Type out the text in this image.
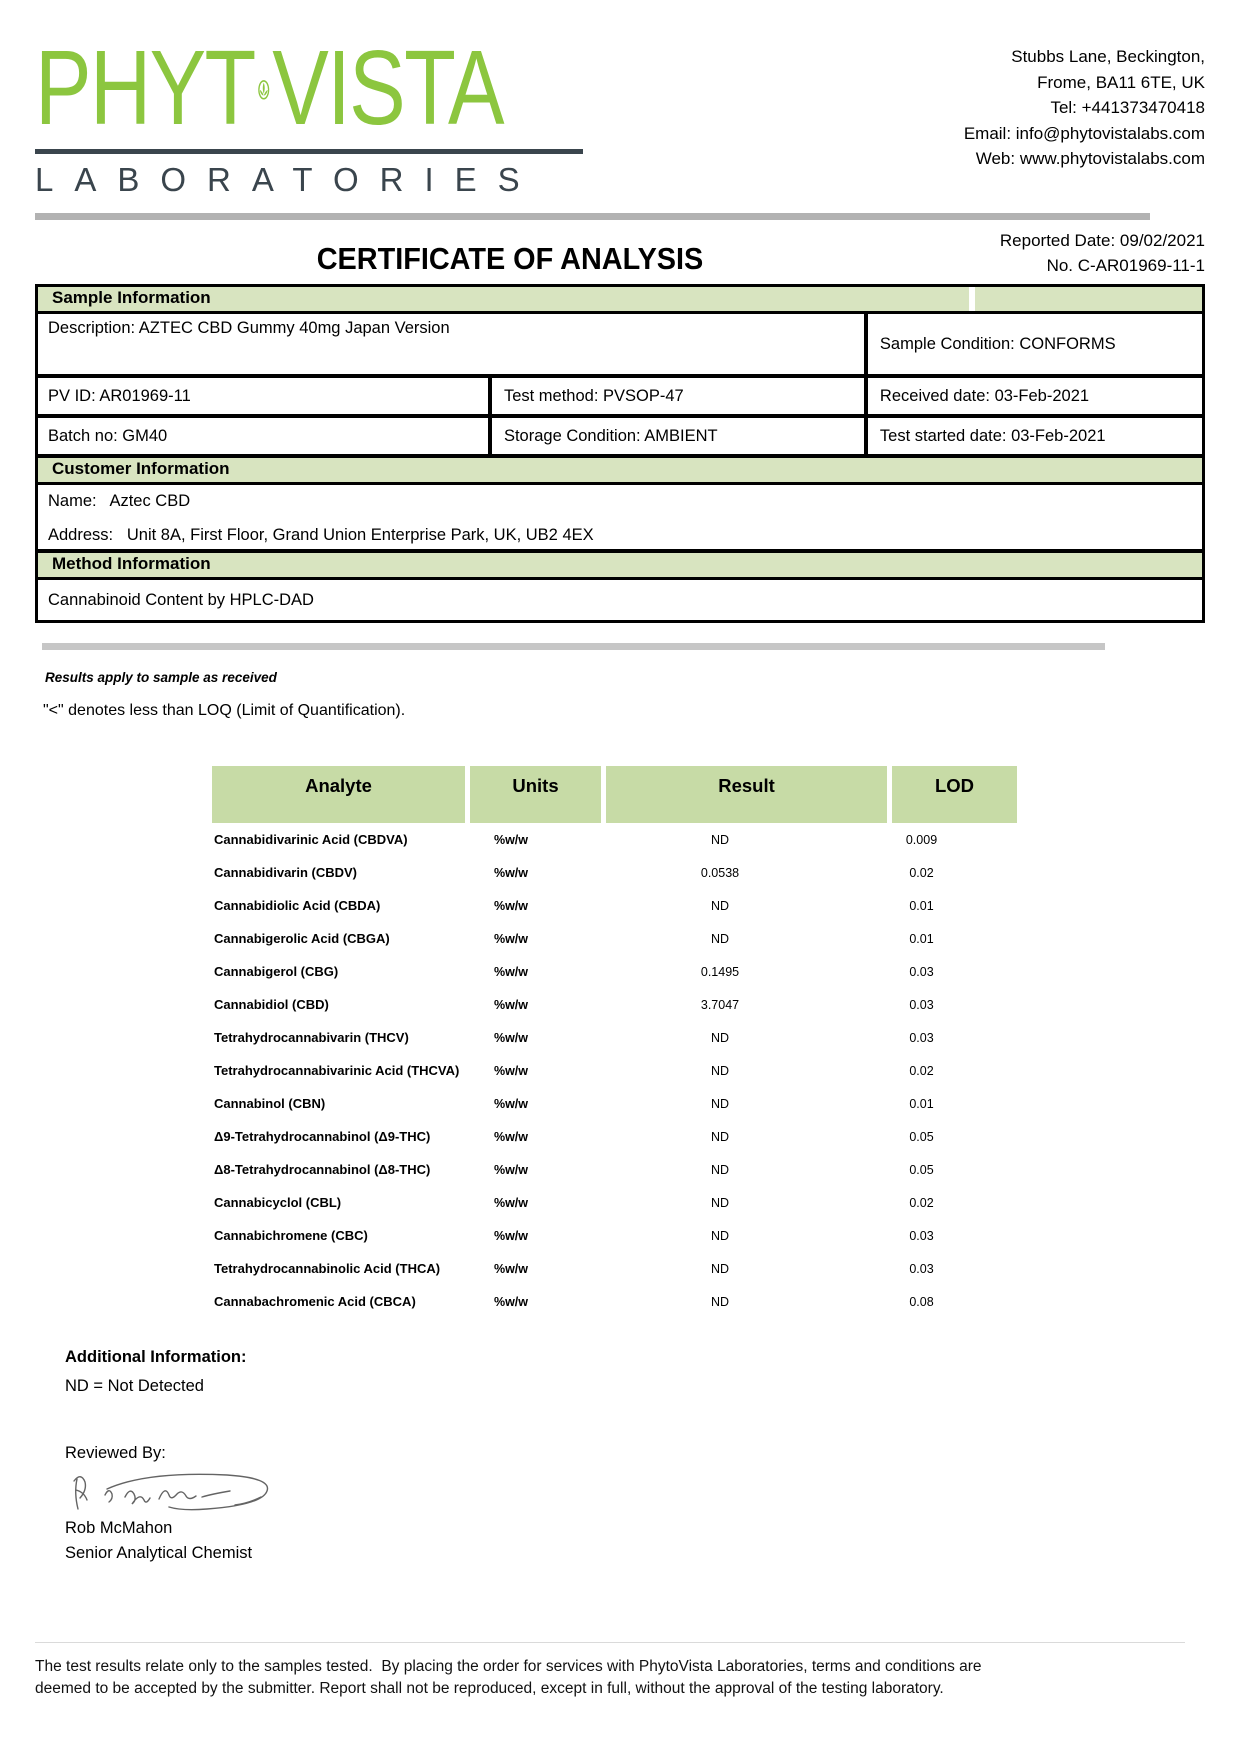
PHYT VISTA
LABORATORIES
Stubbs Lane, Beckington,
Frome, BA11 6TE, UK
Tel: +441373470418
Email: info@phytovistalabs.com
Web: www.phytovistalabs.com
CERTIFICATE OF ANALYSIS
Reported Date: 09/02/2021
No. C-AR01969-11-1
Sample Information
Description: AZTEC CBD Gummy 40mg Japan Version
Sample Condition: CONFORMS
PV ID: AR01969-11	Test method: PVSOP-47	Received date: 03-Feb-2021
Batch no: GM40	Storage Condition: AMBIENT	Test started date: 03-Feb-2021
Customer Information
Name:   Aztec CBD
Address:   Unit 8A, First Floor, Grand Union Enterprise Park, UK, UB2 4EX
Method Information
Cannabinoid Content by HPLC-DAD
Results apply to sample as received
"<" denotes less than LOQ (Limit of Quantification).
Analyte	Units	Result	LOD
Cannabidivarinic Acid (CBDVA)	%w/w	ND	0.009
Cannabidivarin (CBDV)	%w/w	0.0538	0.02
Cannabidiolic Acid (CBDA)	%w/w	ND	0.01
Cannabigerolic Acid (CBGA)	%w/w	ND	0.01
Cannabigerol (CBG)	%w/w	0.1495	0.03
Cannabidiol (CBD)	%w/w	3.7047	0.03
Tetrahydrocannabivarin (THCV)	%w/w	ND	0.03
Tetrahydrocannabivarinic Acid (THCVA)	%w/w	ND	0.02
Cannabinol (CBN)	%w/w	ND	0.01
Δ9-Tetrahydrocannabinol (Δ9-THC)	%w/w	ND	0.05
Δ8-Tetrahydrocannabinol (Δ8-THC)	%w/w	ND	0.05
Cannabicyclol (CBL)	%w/w	ND	0.02
Cannabichromene (CBC)	%w/w	ND	0.03
Tetrahydrocannabinolic Acid (THCA)	%w/w	ND	0.03
Cannabachromenic Acid (CBCA)	%w/w	ND	0.08
Additional Information:
ND = Not Detected
Reviewed By:
Rob McMahon
Senior Analytical Chemist
The test results relate only to the samples tested.  By placing the order for services with PhytoVista Laboratories, terms and conditions are
deemed to be accepted by the submitter. Report shall not be reproduced, except in full, without the approval of the testing laboratory.
